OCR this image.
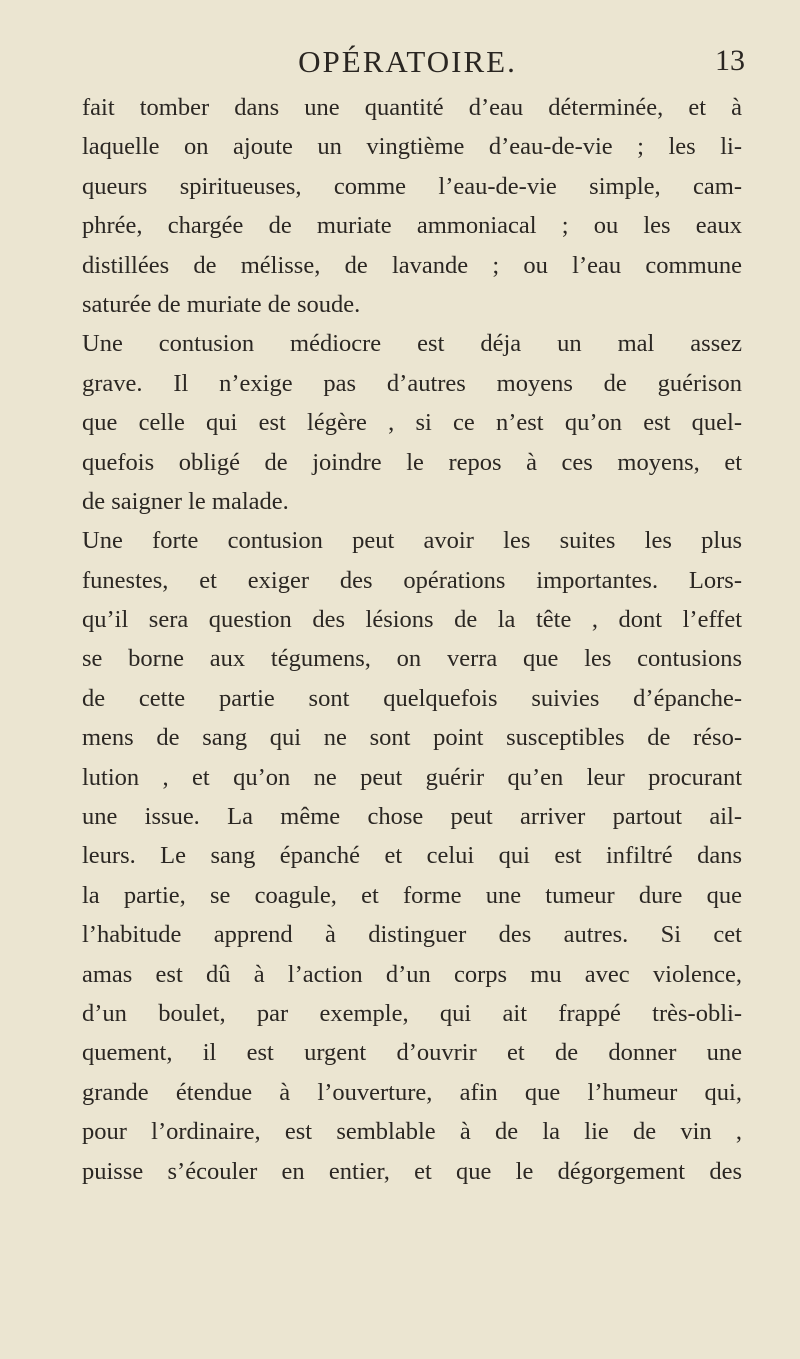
OPÉRATOIRE.	13
fait tomber dans une quantité d’eau déterminée, et à
laquelle on ajoute un vingtième d’eau-de-vie ; les li-
queurs spiritueuses, comme l’eau-de-vie simple, cam-
phrée, chargée de muriate ammoniacal ; ou les eaux
distillées de mélisse, de lavande ; ou l’eau commune
saturée de muriate de soude.
Une contusion médiocre est déja un mal assez
grave. Il n’exige pas d’autres moyens de guérison
que celle qui est légère , si ce n’est qu’on est quel-
quefois obligé de joindre le repos à ces moyens, et
de saigner le malade.
Une forte contusion peut avoir les suites les plus
funestes, et exiger des opérations importantes. Lors-
qu’il sera question des lésions de la tête , dont l’effet
se borne aux tégumens, on verra que les contusions
de cette partie sont quelquefois suivies d’épanche-
mens de sang qui ne sont point susceptibles de réso-
lution , et qu’on ne peut guérir qu’en leur procurant
une issue. La même chose peut arriver partout ail-
leurs. Le sang épanché et celui qui est infiltré dans
la partie, se coagule, et forme une tumeur dure que
l’habitude apprend à distinguer des autres. Si cet
amas est dû à l’action d’un corps mu avec violence,
d’un boulet, par exemple, qui ait frappé très-obli-
quement, il est urgent d’ouvrir et de donner une
grande étendue à l’ouverture, afin que l’humeur qui,
pour l’ordinaire, est semblable à de la lie de vin ,
puisse s’écouler en entier, et que le dégorgement des
